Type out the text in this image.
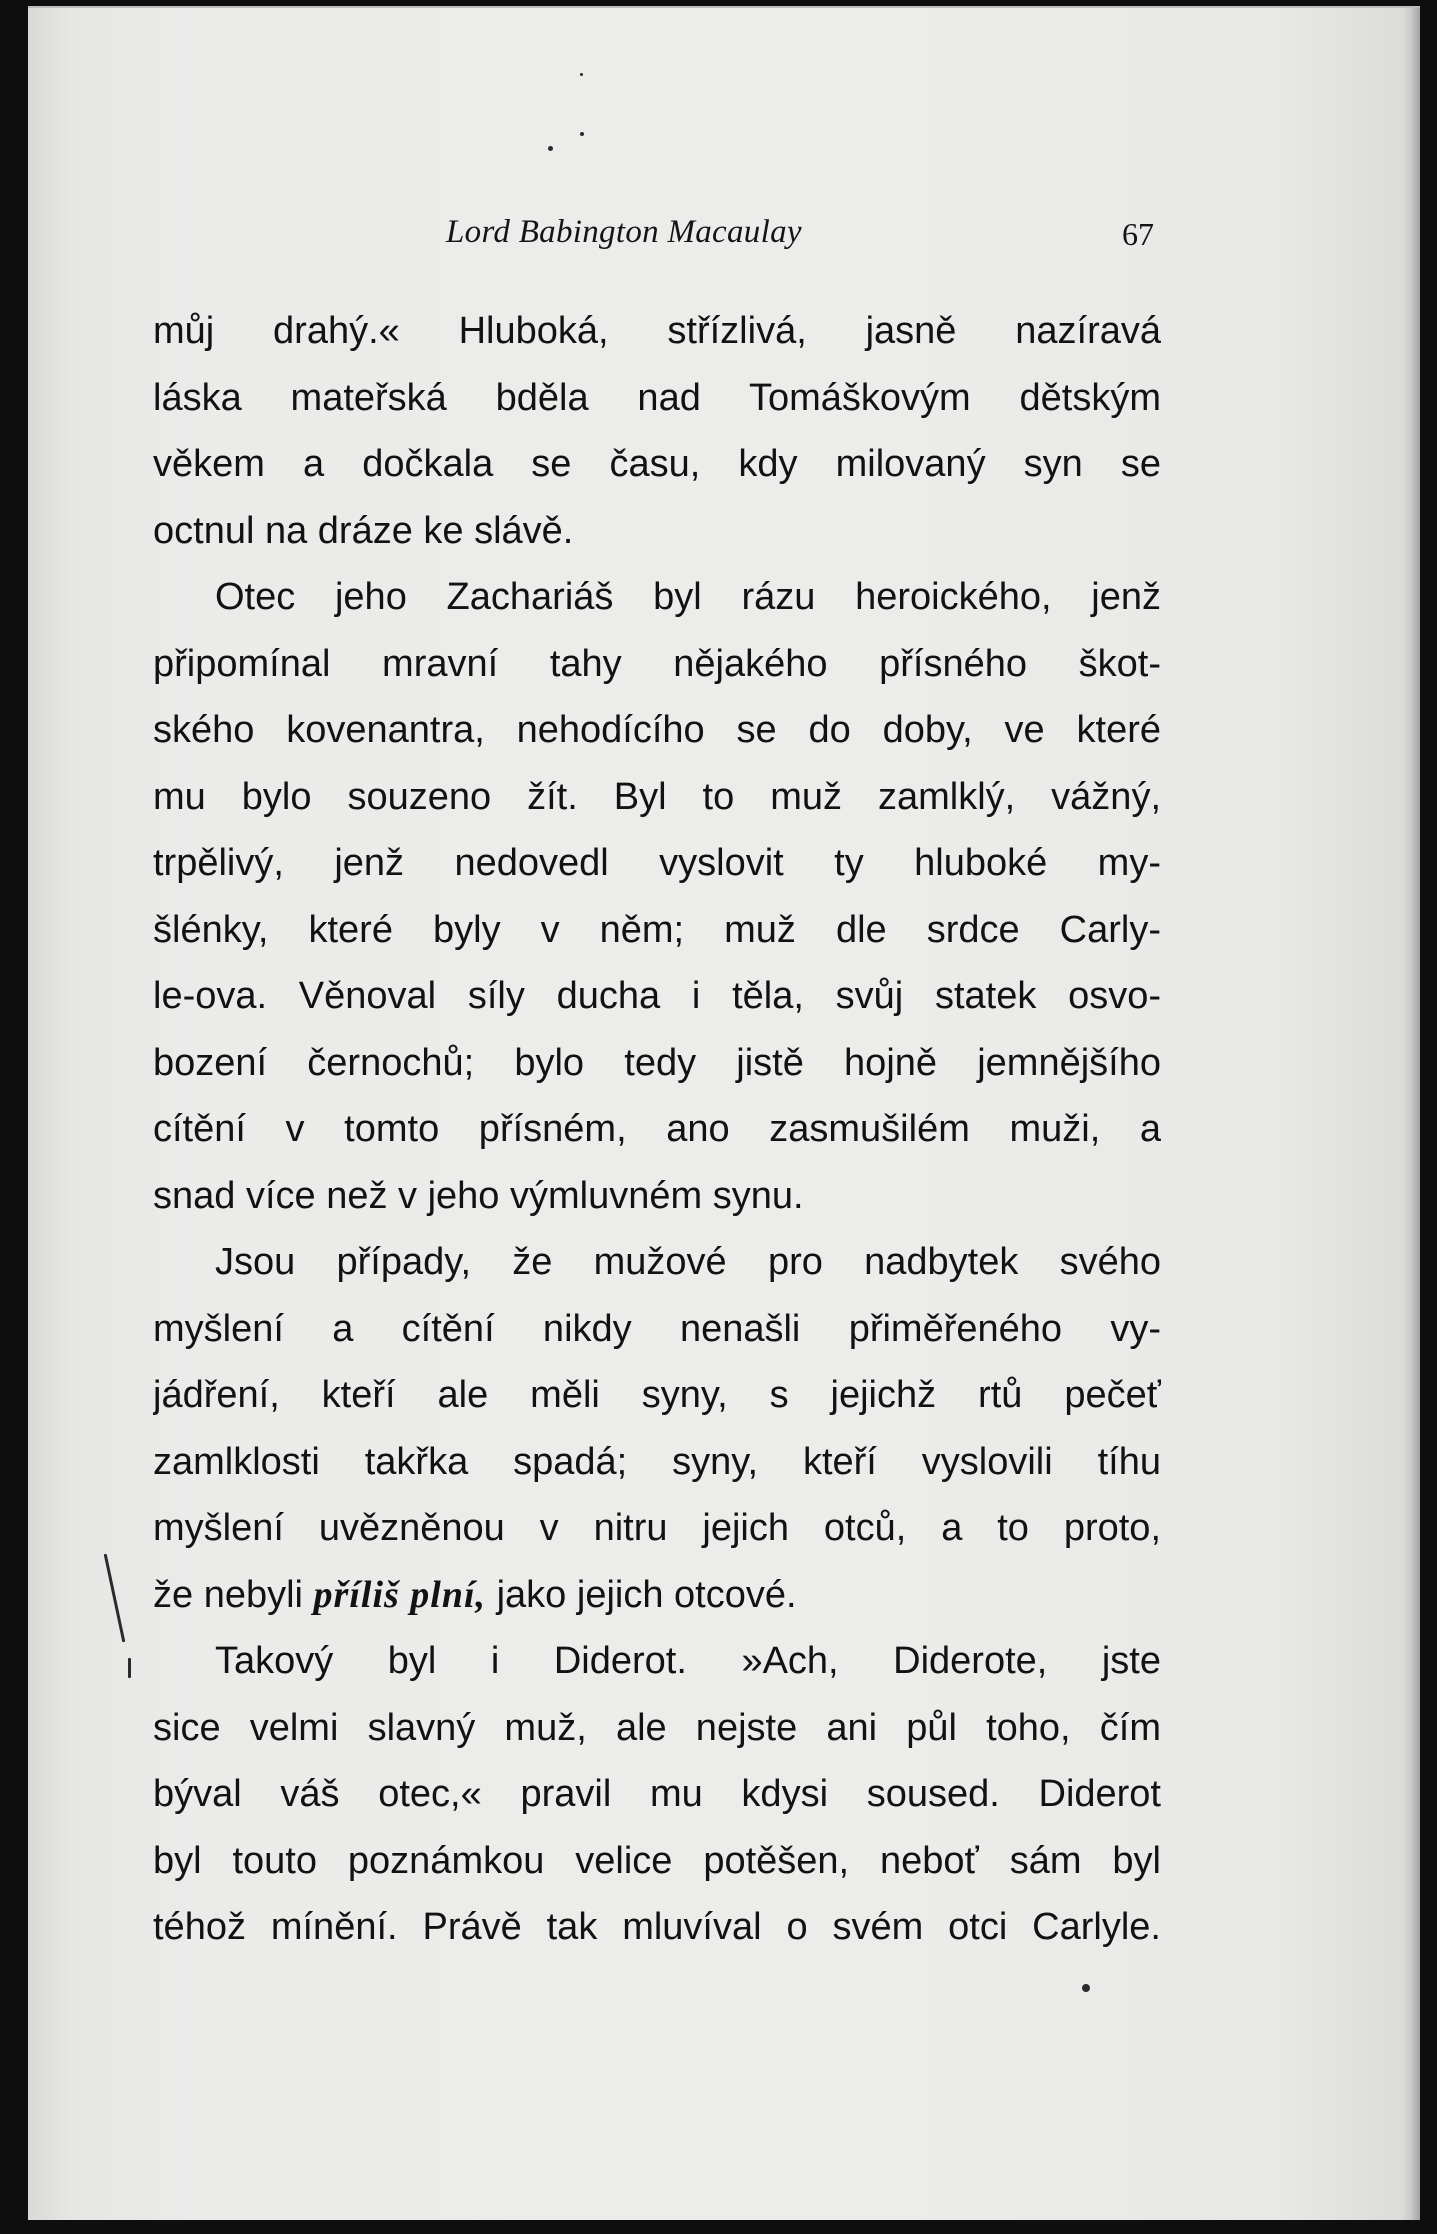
Lord Babington Macaulay	67
můj drahý.« Hluboká, střízlivá, jasně nazíravá
láska mateřská bděla nad Tomáškovým dětským
věkem a dočkala se času, kdy milovaný syn se
octnul na dráze ke slávě.
Otec jeho Zachariáš byl rázu heroického, jenž
připomínal mravní tahy nějakého přísného škot-
ského kovenantra, nehodícího se do doby, ve které
mu bylo souzeno žít. Byl to muž zamlklý, vážný,
trpělivý, jenž nedovedl vyslovit ty hluboké my-
šlénky, které byly v něm; muž dle srdce Carly-
le-ova. Věnoval síly ducha i těla, svůj statek osvo-
bození černochů; bylo tedy jistě hojně jemnějšího
cítění v tomto přísném, ano zasmušilém muži, a
snad více než v jeho výmluvném synu.
Jsou případy, že mužové pro nadbytek svého
myšlení a cítění nikdy nenašli přiměřeného vy-
jádření, kteří ale měli syny, s jejichž rtů pečeť
zamlklosti takřka spadá; syny, kteří vyslovili tíhu
myšlení uvězněnou v nitru jejich otců, a to proto,
že nebyli příliš plní, jako jejich otcové.
Takový byl i Diderot. »Ach, Diderote, jste
sice velmi slavný muž, ale nejste ani půl toho, čím
býval váš otec,« pravil mu kdysi soused. Diderot
byl touto poznámkou velice potěšen, neboť sám byl
téhož mínění. Právě tak mluvíval o svém otci Carlyle.
